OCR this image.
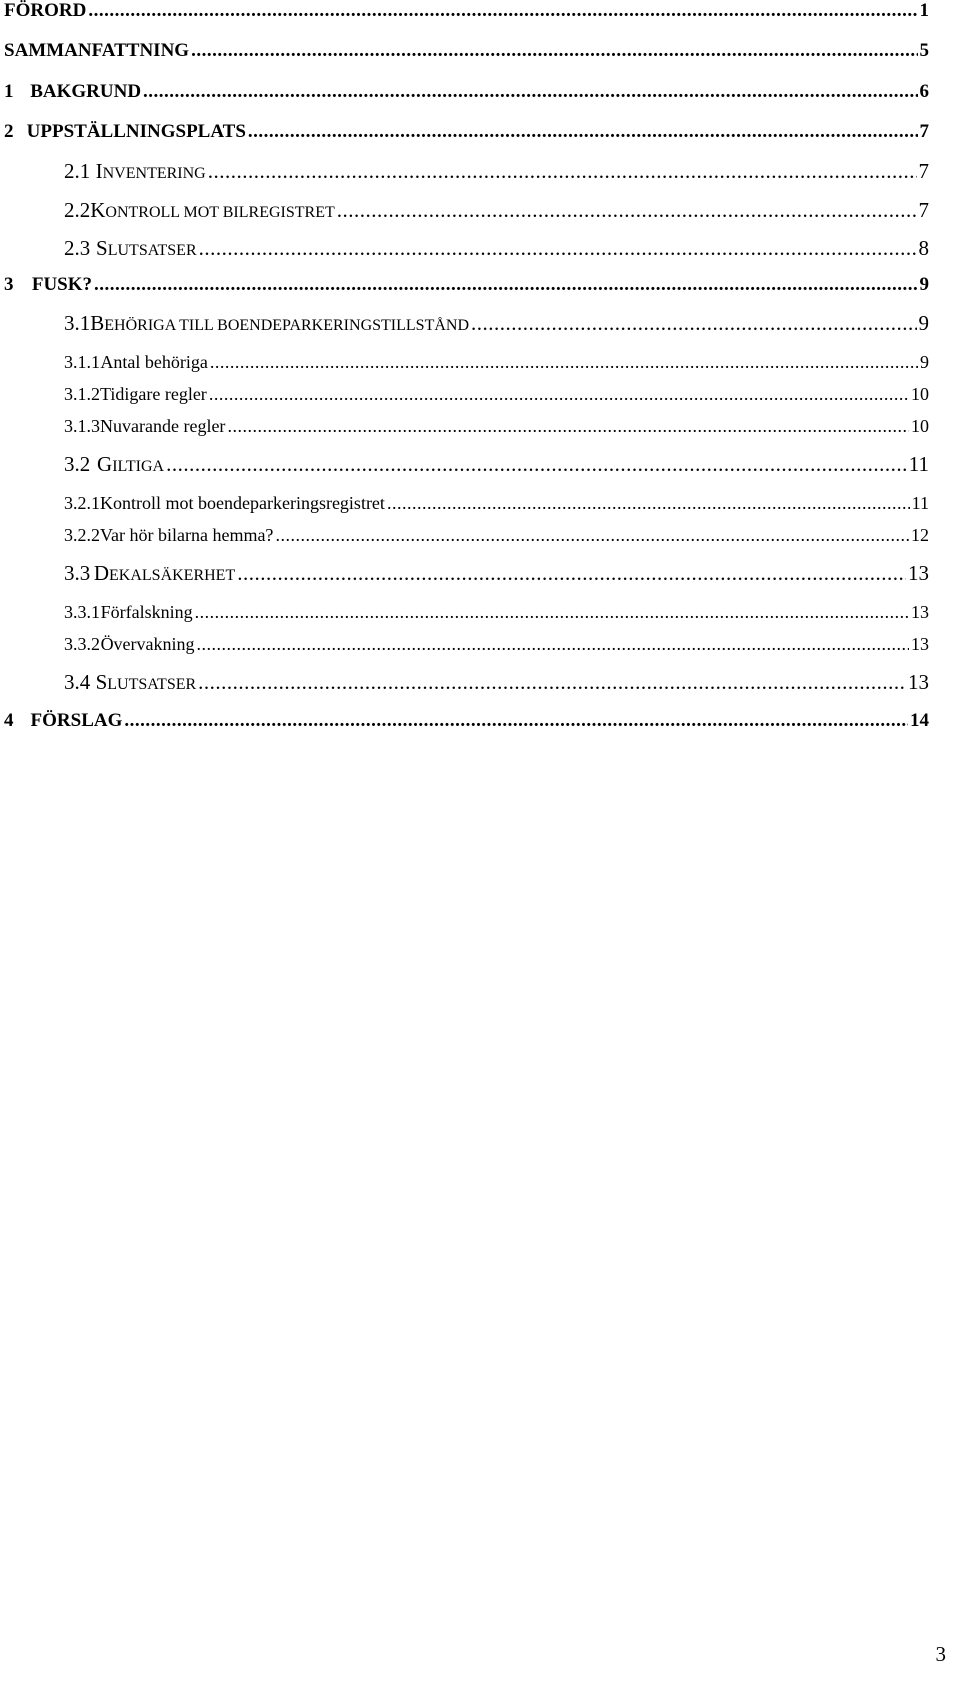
FÖRORD .....	1
SAMMANFATTNING .....	5
1 BAKGRUND .....	6
2 UPPSTÄLLNINGSPLATS .....	7
2.1 INVENTERING .....	7
2.2 KONTROLL MOT BILREGISTRET .....	7
2.3 SLUTSATSER .....	8
3 FUSK? .....	9
3.1 BEHÖRIGA TILL BOENDEPARKERINGSTILLSTÅND .....	9
3.1.1 Antal behöriga .....	9
3.1.2 Tidigare regler .....	10
3.1.3 Nuvarande regler .....	10
3.2 GILTIGA .....	11
3.2.1 Kontroll mot boendeparkeringsregistret .....	11
3.2.2 Var hör bilarna hemma? .....	12
3.3 DEKALSÄKERHET .....	13
3.3.1 Förfalskning .....	13
3.3.2 Övervakning .....	13
3.4 SLUTSATSER .....	13
4 FÖRSLAG .....	14
3
